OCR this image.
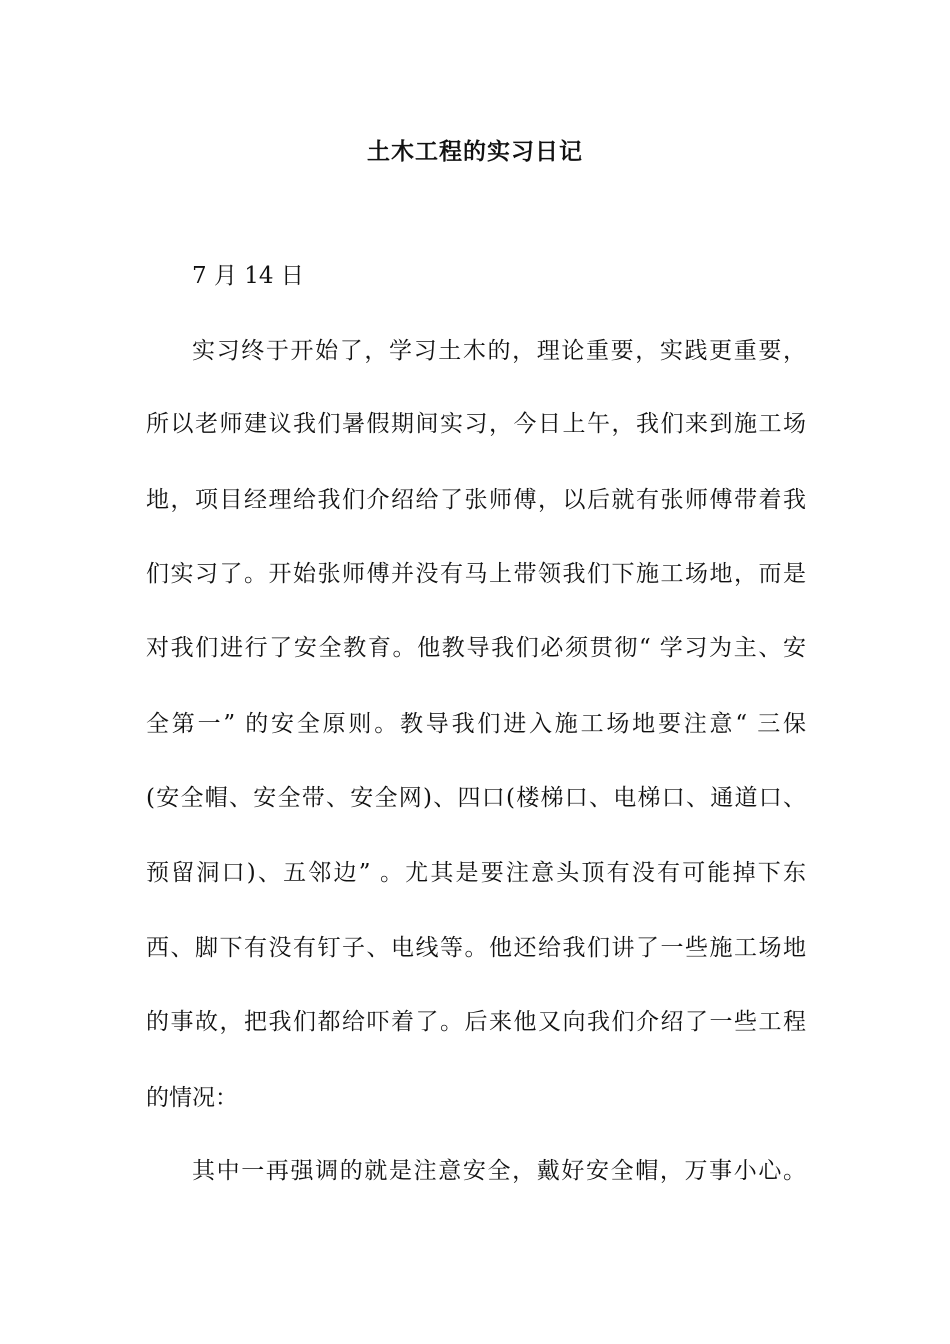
土木工程的实习日记
7 月 14 日
实习终于开始了，学习土木的，理论重要，实践更重要，
所以老师建议我们暑假期间实习，今日上午，我们来到施工场
地，项目经理给我们介绍给了张师傅，以后就有张师傅带着我
们实习了。开始张师傅并没有马上带领我们下施工场地，而是
对我们进行了安全教育。他教导我们必须贯彻“ 学习为主、安
全第一” 的安全原则。教导我们进入施工场地要注意“ 三保
(安全帽、安全带、安全网)、四口(楼梯口、电梯口、通道口、
预留洞口)、五邻边” 。尤其是要注意头顶有没有可能掉下东
西、脚下有没有钉子、电线等。他还给我们讲了一些施工场地
的事故，把我们都给吓着了。后来他又向我们介绍了一些工程
的情况：
其中一再强调的就是注意安全，戴好安全帽，万事小心。
